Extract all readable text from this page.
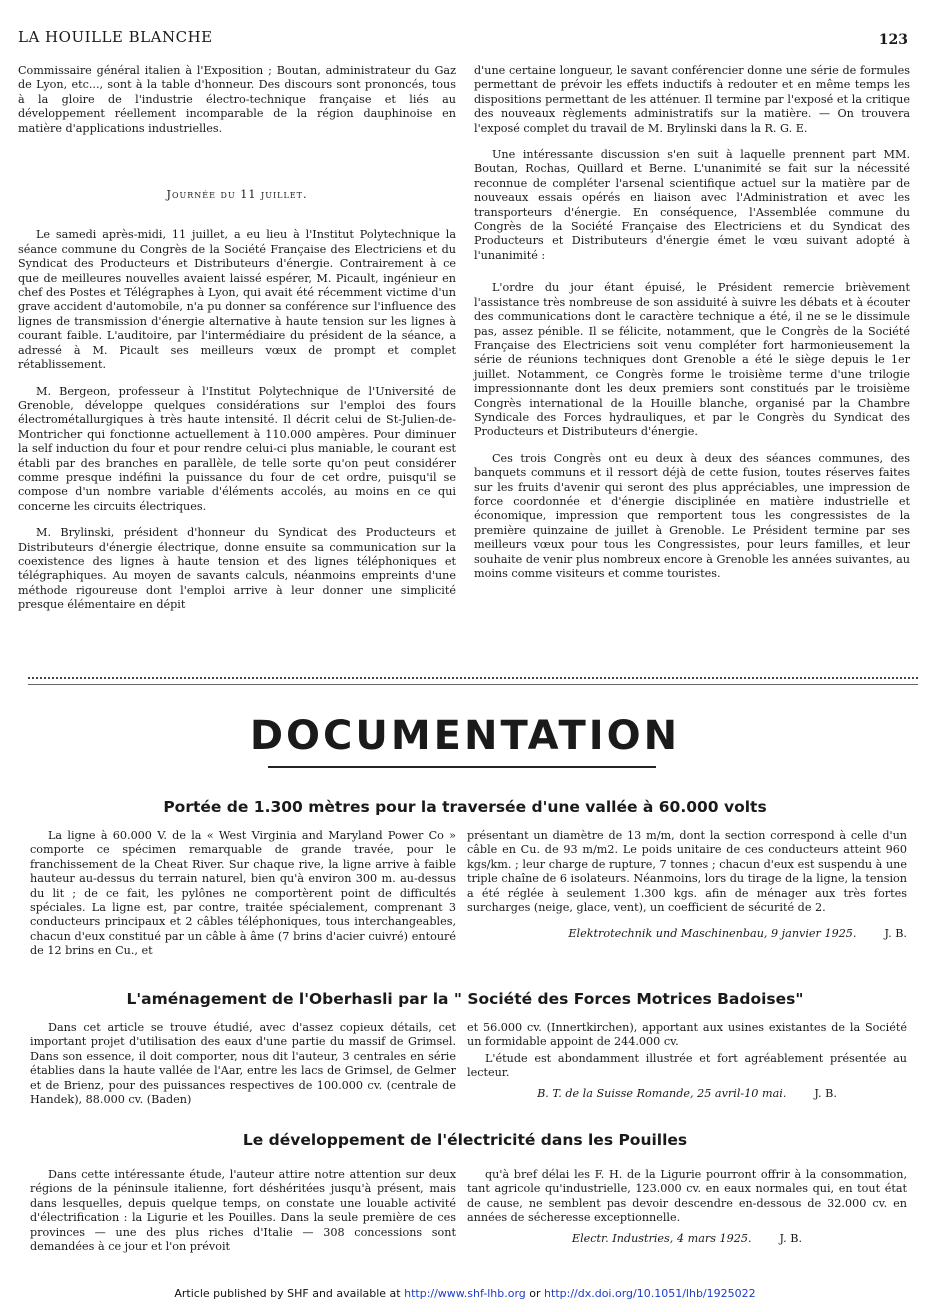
LA HOUILLE BLANCHE	123

Commissaire général italien à l'Exposition ; Boutan, administrateur du Gaz de Lyon, etc..., sont à la table d'honneur. Des discours sont prononcés, tous à la gloire de l'industrie électro-technique française et liés au développement réellement incomparable de la région dauphinoise en matière d'applications industrielles.

Journée du 11 juillet.

Le samedi après-midi, 11 juillet, a eu lieu à l'Institut Polytechnique la séance commune du Congrès de la Société Française des Electriciens et du Syndicat des Producteurs et Distributeurs d'énergie. Contrairement à ce que de meilleures nouvelles avaient laissé espérer, M. Picault, ingénieur en chef des Postes et Télégraphes à Lyon, qui avait été récemment victime d'un grave accident d'automobile, n'a pu donner sa conférence sur l'influence des lignes de transmission d'énergie alternative à haute tension sur les lignes à courant faible. L'auditoire, par l'intermédiaire du président de la séance, a adressé à M. Picault ses meilleurs vœux de prompt et complet rétablissement.

M. Bergeon, professeur à l'Institut Polytechnique de l'Université de Grenoble, développe quelques considérations sur l'emploi des fours électrométallurgiques à très haute intensité. Il décrit celui de St-Julien-de-Montricher qui fonctionne actuellement à 110.000 ampères. Pour diminuer la self induction du four et pour rendre celui-ci plus maniable, le courant est établi par des branches en parallèle, de telle sorte qu'on peut considérer comme presque indéfini la puissance du four de cet ordre, puisqu'il se compose d'un nombre variable d'éléments accolés, au moins en ce qui concerne les circuits électriques.

M. Brylinski, président d'honneur du Syndicat des Producteurs et Distributeurs d'énergie électrique, donne ensuite sa communication sur la coexistence des lignes à haute tension et des lignes téléphoniques et télégraphiques. Au moyen de savants calculs, néanmoins empreints d'une méthode rigoureuse dont l'emploi arrive à leur donner une simplicité presque élémentaire en dépit

d'une certaine longueur, le savant conférencier donne une série de formules permettant de prévoir les effets inductifs à redouter et en même temps les dispositions permettant de les atténuer. Il termine par l'exposé et la critique des nouveaux règlements administratifs sur la matière. — On trouvera l'exposé complet du travail de M. Brylinski dans la R. G. E.

Une intéressante discussion s'en suit à laquelle prennent part MM. Boutan, Rochas, Quillard et Berne. L'unanimité se fait sur la nécessité reconnue de compléter l'arsenal scientifique actuel sur la matière par de nouveaux essais opérés en liaison avec l'Administration et avec les transporteurs d'énergie. En conséquence, l'Assemblée commune du Congrès de la Société Française des Electriciens et du Syndicat des Producteurs et Distributeurs d'énergie émet le vœu suivant adopté à l'unanimité :

L'ordre du jour étant épuisé, le Président remercie brièvement l'assistance très nombreuse de son assiduité à suivre les débats et à écouter des communications dont le caractère technique a été, il ne se le dissimule pas, assez pénible. Il se félicite, notamment, que le Congrès de la Société Française des Electriciens soit venu compléter fort harmonieusement la série de réunions techniques dont Grenoble a été le siège depuis le 1er juillet. Notamment, ce Congrès forme le troisième terme d'une trilogie impressionnante dont les deux premiers sont constitués par le troisième Congrès international de la Houille blanche, organisé par la Chambre Syndicale des Forces hydrauliques, et par le Congrès du Syndicat des Producteurs et Distributeurs d'énergie.

Ces trois Congrès ont eu deux à deux des séances communes, des banquets communs et il ressort déjà de cette fusion, toutes réserves faites sur les fruits d'avenir qui seront des plus appréciables, une impression de force coordonnée et d'énergie disciplinée en matière industrielle et économique, impression que remportent tous les congressistes de la première quinzaine de juillet à Grenoble. Le Président termine par ses meilleurs vœux pour tous les Congressistes, pour leurs familles, et leur souhaite de venir plus nombreux encore à Grenoble les années suivantes, au moins comme visiteurs et comme touristes.

DOCUMENTATION
Portée de 1.300 mètres pour la traversée d'une vallée à 60.000 volts

La ligne à 60.000 V. de la « West Virginia and Maryland Power Co » comporte ce spécimen remarquable de grande travée, pour le franchissement de la Cheat River. Sur chaque rive, la ligne arrive à faible hauteur au-dessus du terrain naturel, bien qu'à environ 300 m. au-dessus du lit ; de ce fait, les pylônes ne comportèrent point de difficultés spéciales. La ligne est, par contre, traitée spécialement, comprenant 3 conducteurs principaux et 2 câbles téléphoniques, tous interchangeables, chacun d'eux constitué par un câble à âme (7 brins d'acier cuivré) entouré de 12 brins en Cu., et

présentant un diamètre de 13 m/m, dont la section correspond à celle d'un câble en Cu. de 93 m/m2. Le poids unitaire de ces conducteurs atteint 960 kgs/km. ; leur charge de rupture, 7 tonnes ; chacun d'eux est suspendu à une triple chaîne de 6 isolateurs. Néanmoins, lors du tirage de la ligne, la tension a été réglée à seulement 1.300 kgs. afin de ménager aux très fortes surcharges (neige, glace, vent), un coefficient de sécurité de 2.

Elektrotechnik und Maschinenbau, 9 janvier 1925.	J. B.
L'aménagement de l'Oberhasli par la " Société des Forces Motrices Badoises"

Dans cet article se trouve étudié, avec d'assez copieux détails, cet important projet d'utilisation des eaux d'une partie du massif de Grimsel. Dans son essence, il doit comporter, nous dit l'auteur, 3 centrales en série établies dans la haute vallée de l'Aar, entre les lacs de Grimsel, de Gelmer et de Brienz, pour des puissances respectives de 100.000 cv. (centrale de Handek), 88.000 cv. (Baden)

et 56.000 cv. (Innertkirchen), apportant aux usines existantes de la Société un formidable appoint de 244.000 cv.

L'étude est abondamment illustrée et fort agréablement présentée au lecteur.

B. T. de la Suisse Romande, 25 avril-10 mai.	J. B.
Le développement de l'électricité dans les Pouilles

Dans cette intéressante étude, l'auteur attire notre attention sur deux régions de la péninsule italienne, fort déshéritées jusqu'à présent, mais dans lesquelles, depuis quelque temps, on constate une louable activité d'électrification : la Ligurie et les Pouilles. Dans la seule première de ces provinces — une des plus riches d'Italie — 308 concessions sont demandées à ce jour et l'on prévoit

qu'à bref délai les F. H. de la Ligurie pourront offrir à la consommation, tant agricole qu'industrielle, 123.000 cv. en eaux normales qui, en tout état de cause, ne semblent pas devoir descendre en-dessous de 32.000 cv. en années de sécheresse exceptionnelle.

Electr. Industries, 4 mars 1925.	J. B.
Article published by SHF and available at http://www.shf-lhb.org or http://dx.doi.org/10.1051/lhb/1925022
